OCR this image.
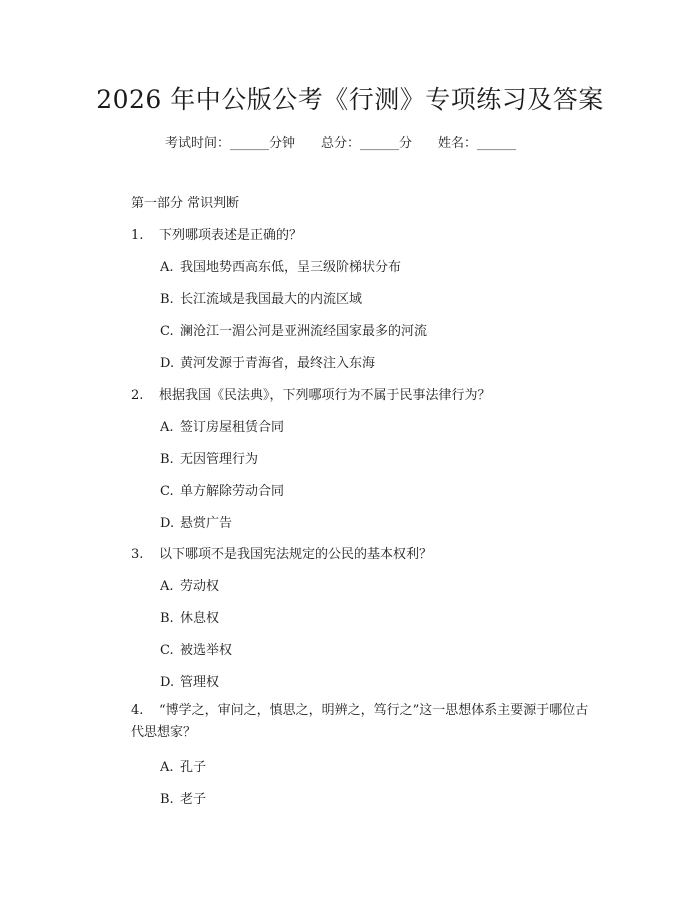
2026 年中公版公考《行测》专项练习及答案
考试时间：______分钟 总分：______分 姓名：______
第一部分 常识判断
1. 下列哪项表述是正确的？
A. 我国地势西高东低，呈三级阶梯状分布
B. 长江流域是我国最大的内流区域
C. 澜沧江一湄公河是亚洲流经国家最多的河流
D. 黄河发源于青海省，最终注入东海
2. 根据我国《民法典》，下列哪项行为不属于民事法律行为？
A. 签订房屋租赁合同
B. 无因管理行为
C. 单方解除劳动合同
D. 悬赏广告
3. 以下哪项不是我国宪法规定的公民的基本权利？
A. 劳动权
B. 休息权
C. 被选举权
D. 管理权
4. “博学之，审问之，慎思之，明辨之，笃行之”这一思想体系主要源于哪位古代思想家？
A. 孔子
B. 老子
